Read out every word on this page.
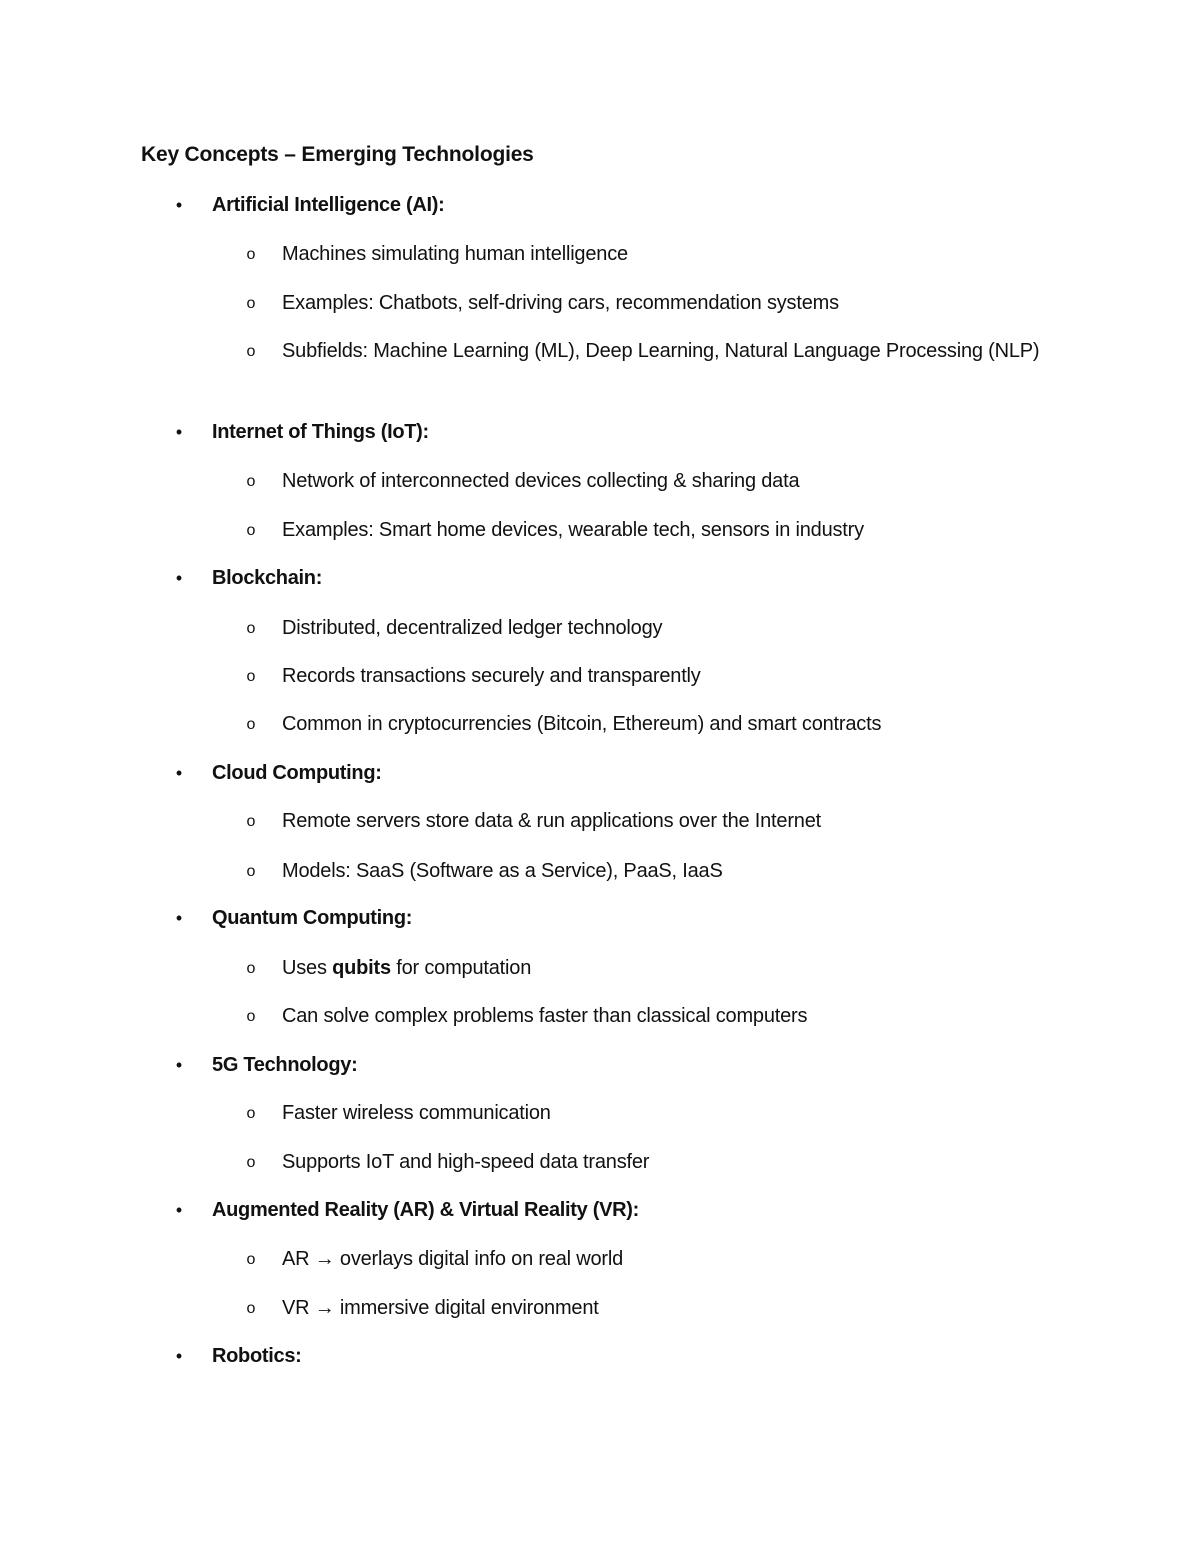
Key Concepts – Emerging Technologies
• Artificial Intelligence (AI):
o Machines simulating human intelligence
o Examples: Chatbots, self-driving cars, recommendation systems
o Subfields: Machine Learning (ML), Deep Learning, Natural Language Processing (NLP)
• Internet of Things (IoT):
o Network of interconnected devices collecting & sharing data
o Examples: Smart home devices, wearable tech, sensors in industry
• Blockchain:
o Distributed, decentralized ledger technology
o Records transactions securely and transparently
o Common in cryptocurrencies (Bitcoin, Ethereum) and smart contracts
• Cloud Computing:
o Remote servers store data & run applications over the Internet
o Models: SaaS (Software as a Service), PaaS, IaaS
• Quantum Computing:
o Uses qubits for computation
o Can solve complex problems faster than classical computers
• 5G Technology:
o Faster wireless communication
o Supports IoT and high-speed data transfer
• Augmented Reality (AR) & Virtual Reality (VR):
o AR → overlays digital info on real world
o VR → immersive digital environment
• Robotics:
